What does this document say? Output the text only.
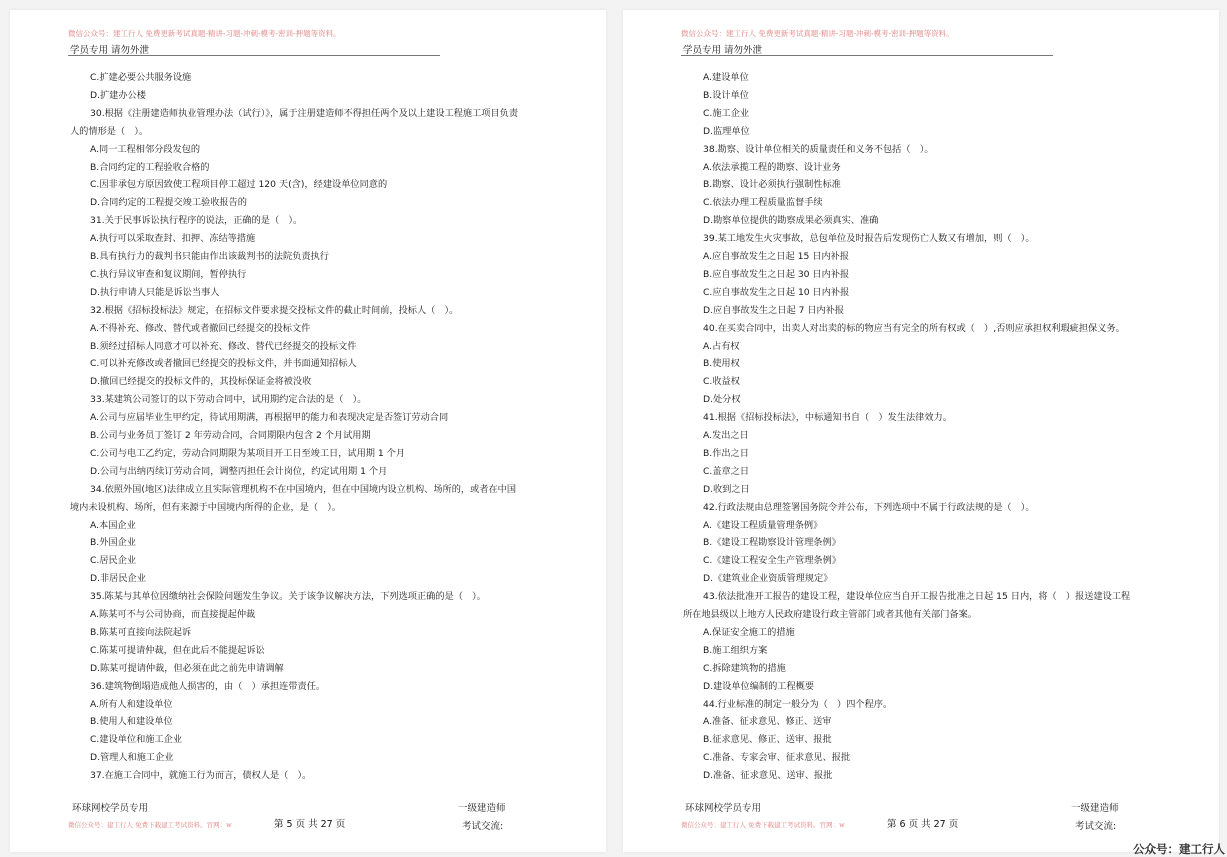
微信公众号：建工行人 免费更新考试真题-精讲-习题-冲刺-模考-密训-押题等资料。
学员专用 请勿外泄
C.扩建必要公共服务设施
D.扩建办公楼
30.根据《注册建造师执业管理办法（试行）》，属于注册建造师不得担任两个及以上建设工程施工项目负责
人的情形是（　）。
A.同一工程相邻分段发包的
B.合同约定的工程验收合格的
C.因非承包方原因致使工程项目停工超过 120 天(含)，经建设单位同意的
D.合同约定的工程提交竣工验收报告的
31.关于民事诉讼执行程序的说法，正确的是（　）。
A.执行可以采取查封、扣押、冻结等措施
B.具有执行力的裁判书只能由作出该裁判书的法院负责执行
C.执行异议审查和复议期间，暂停执行
D.执行申请人只能是诉讼当事人
32.根据《招标投标法》规定，在招标文件要求提交投标文件的截止时间前，投标人（　）。
A.不得补充、修改、替代或者撤回已经提交的投标文件
B.须经过招标人同意才可以补充、修改、替代已经提交的投标文件
C.可以补充修改或者撤回已经提交的投标文件，并书面通知招标人
D.撤回已经提交的投标文件的，其投标保证金将被没收
33.某建筑公司签订的以下劳动合同中，试用期约定合法的是（　）。
A.公司与应届毕业生甲约定，待试用期满，再根据甲的能力和表现决定是否签订劳动合同
B.公司与业务员丁签订 2 年劳动合同，合同期限内包含 2 个月试用期
C.公司与电工乙约定，劳动合同期限为某项目开工日至竣工日，试用期 1 个月
D.公司与出纳丙续订劳动合同，调整丙担任会计岗位，约定试用期 1 个月
34.依照外国(地区)法律成立且实际管理机构不在中国境内，但在中国境内设立机构、场所的，或者在中国
境内未设机构、场所，但有来源于中国境内所得的企业，是（　）。
A.本国企业
B.外国企业
C.居民企业
D.非居民企业
35.陈某与其单位因缴纳社会保险问题发生争议。关于该争议解决方法，下列选项正确的是（　）。
A.陈某可不与公司协商，而直接提起仲裁
B.陈某可直接向法院起诉
C.陈某可提请仲裁，但在此后不能提起诉讼
D.陈某可提请仲裁，但必须在此之前先申请调解
36.建筑物倒塌造成他人损害的，由（　）承担连带责任。
A.所有人和建设单位
B.使用人和建设单位
C.建设单位和施工企业
D.管理人和施工企业
37.在施工合同中，就施工行为而言，债权人是（　）。
环球网校学员专用	一级建造师
考试交流:
微信公众号：建工行人 免费下载建工考试资料。官网：w	第 5 页 共 27 页
微信公众号：建工行人 免费更新考试真题-精讲-习题-冲刺-模考-密训-押题等资料。
学员专用 请勿外泄
A.建设单位
B.设计单位
C.施工企业
D.监理单位
38.勘察、设计单位相关的质量责任和义务不包括（　）。
A.依法承揽工程的勘察、设计业务
B.勘察、设计必须执行强制性标准
C.依法办理工程质量监督手续
D.勘察单位提供的勘察成果必须真实、准确
39.某工地发生火灾事故，总包单位及时报告后发现伤亡人数又有增加，则（　）。
A.应自事故发生之日起 15 日内补报
B.应自事故发生之日起 30 日内补报
C.应自事故发生之日起 10 日内补报
D.应自事故发生之日起 7 日内补报
40.在买卖合同中，出卖人对出卖的标的物应当有完全的所有权或（　）,否则应承担权利瑕疵担保义务。
A.占有权
B.使用权
C.收益权
D.处分权
41.根据《招标投标法》，中标通知书自（　）发生法律效力。
A.发出之日
B.作出之日
C.盖章之日
D.收到之日
42.行政法规由总理签署国务院令并公布，下列选项中不属于行政法规的是（　）。
A.《建设工程质量管理条例》
B.《建设工程勘察设计管理条例》
C.《建设工程安全生产管理条例》
D.《建筑业企业资质管理规定》
43.依法批准开工报告的建设工程，建设单位应当自开工报告批准之日起 15 日内，将（　）报送建设工程
所在地县级以上地方人民政府建设行政主管部门或者其他有关部门备案。
A.保证安全施工的措施
B.施工组织方案
C.拆除建筑物的措施
D.建设单位编制的工程概要
44.行业标准的制定一般分为（　）四个程序。
A.准备、征求意见、修正、送审
B.征求意见、修正、送审、报批
C.准备、专家会审、征求意见、报批
D.准备、征求意见、送审、报批
环球网校学员专用	一级建造师
考试交流:
微信公众号：建工行人 免费下载建工考试资料。官网：w	第 6 页 共 27 页
公众号：建工行人
